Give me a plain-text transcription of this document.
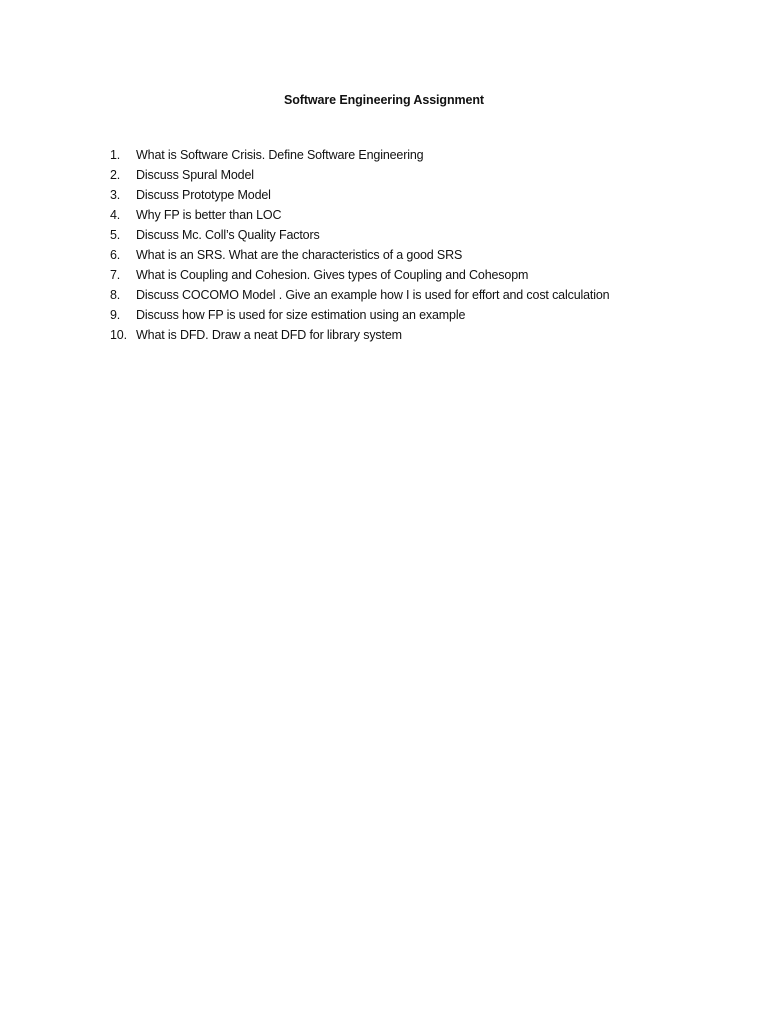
Software Engineering Assignment
1.	What is Software Crisis. Define Software Engineering
2.	Discuss Spural Model
3.	Discuss Prototype Model
4.	Why FP is better than LOC
5.	Discuss Mc. Coll’s Quality Factors
6.	What is an SRS. What are the characteristics of a good SRS
7.	What is Coupling and Cohesion. Gives types of Coupling and Cohesopm
8.	Discuss COCOMO Model . Give an example how I is used for effort and cost calculation
9.	Discuss how FP is used for size estimation using an example
10. What is DFD. Draw a neat DFD for library system
